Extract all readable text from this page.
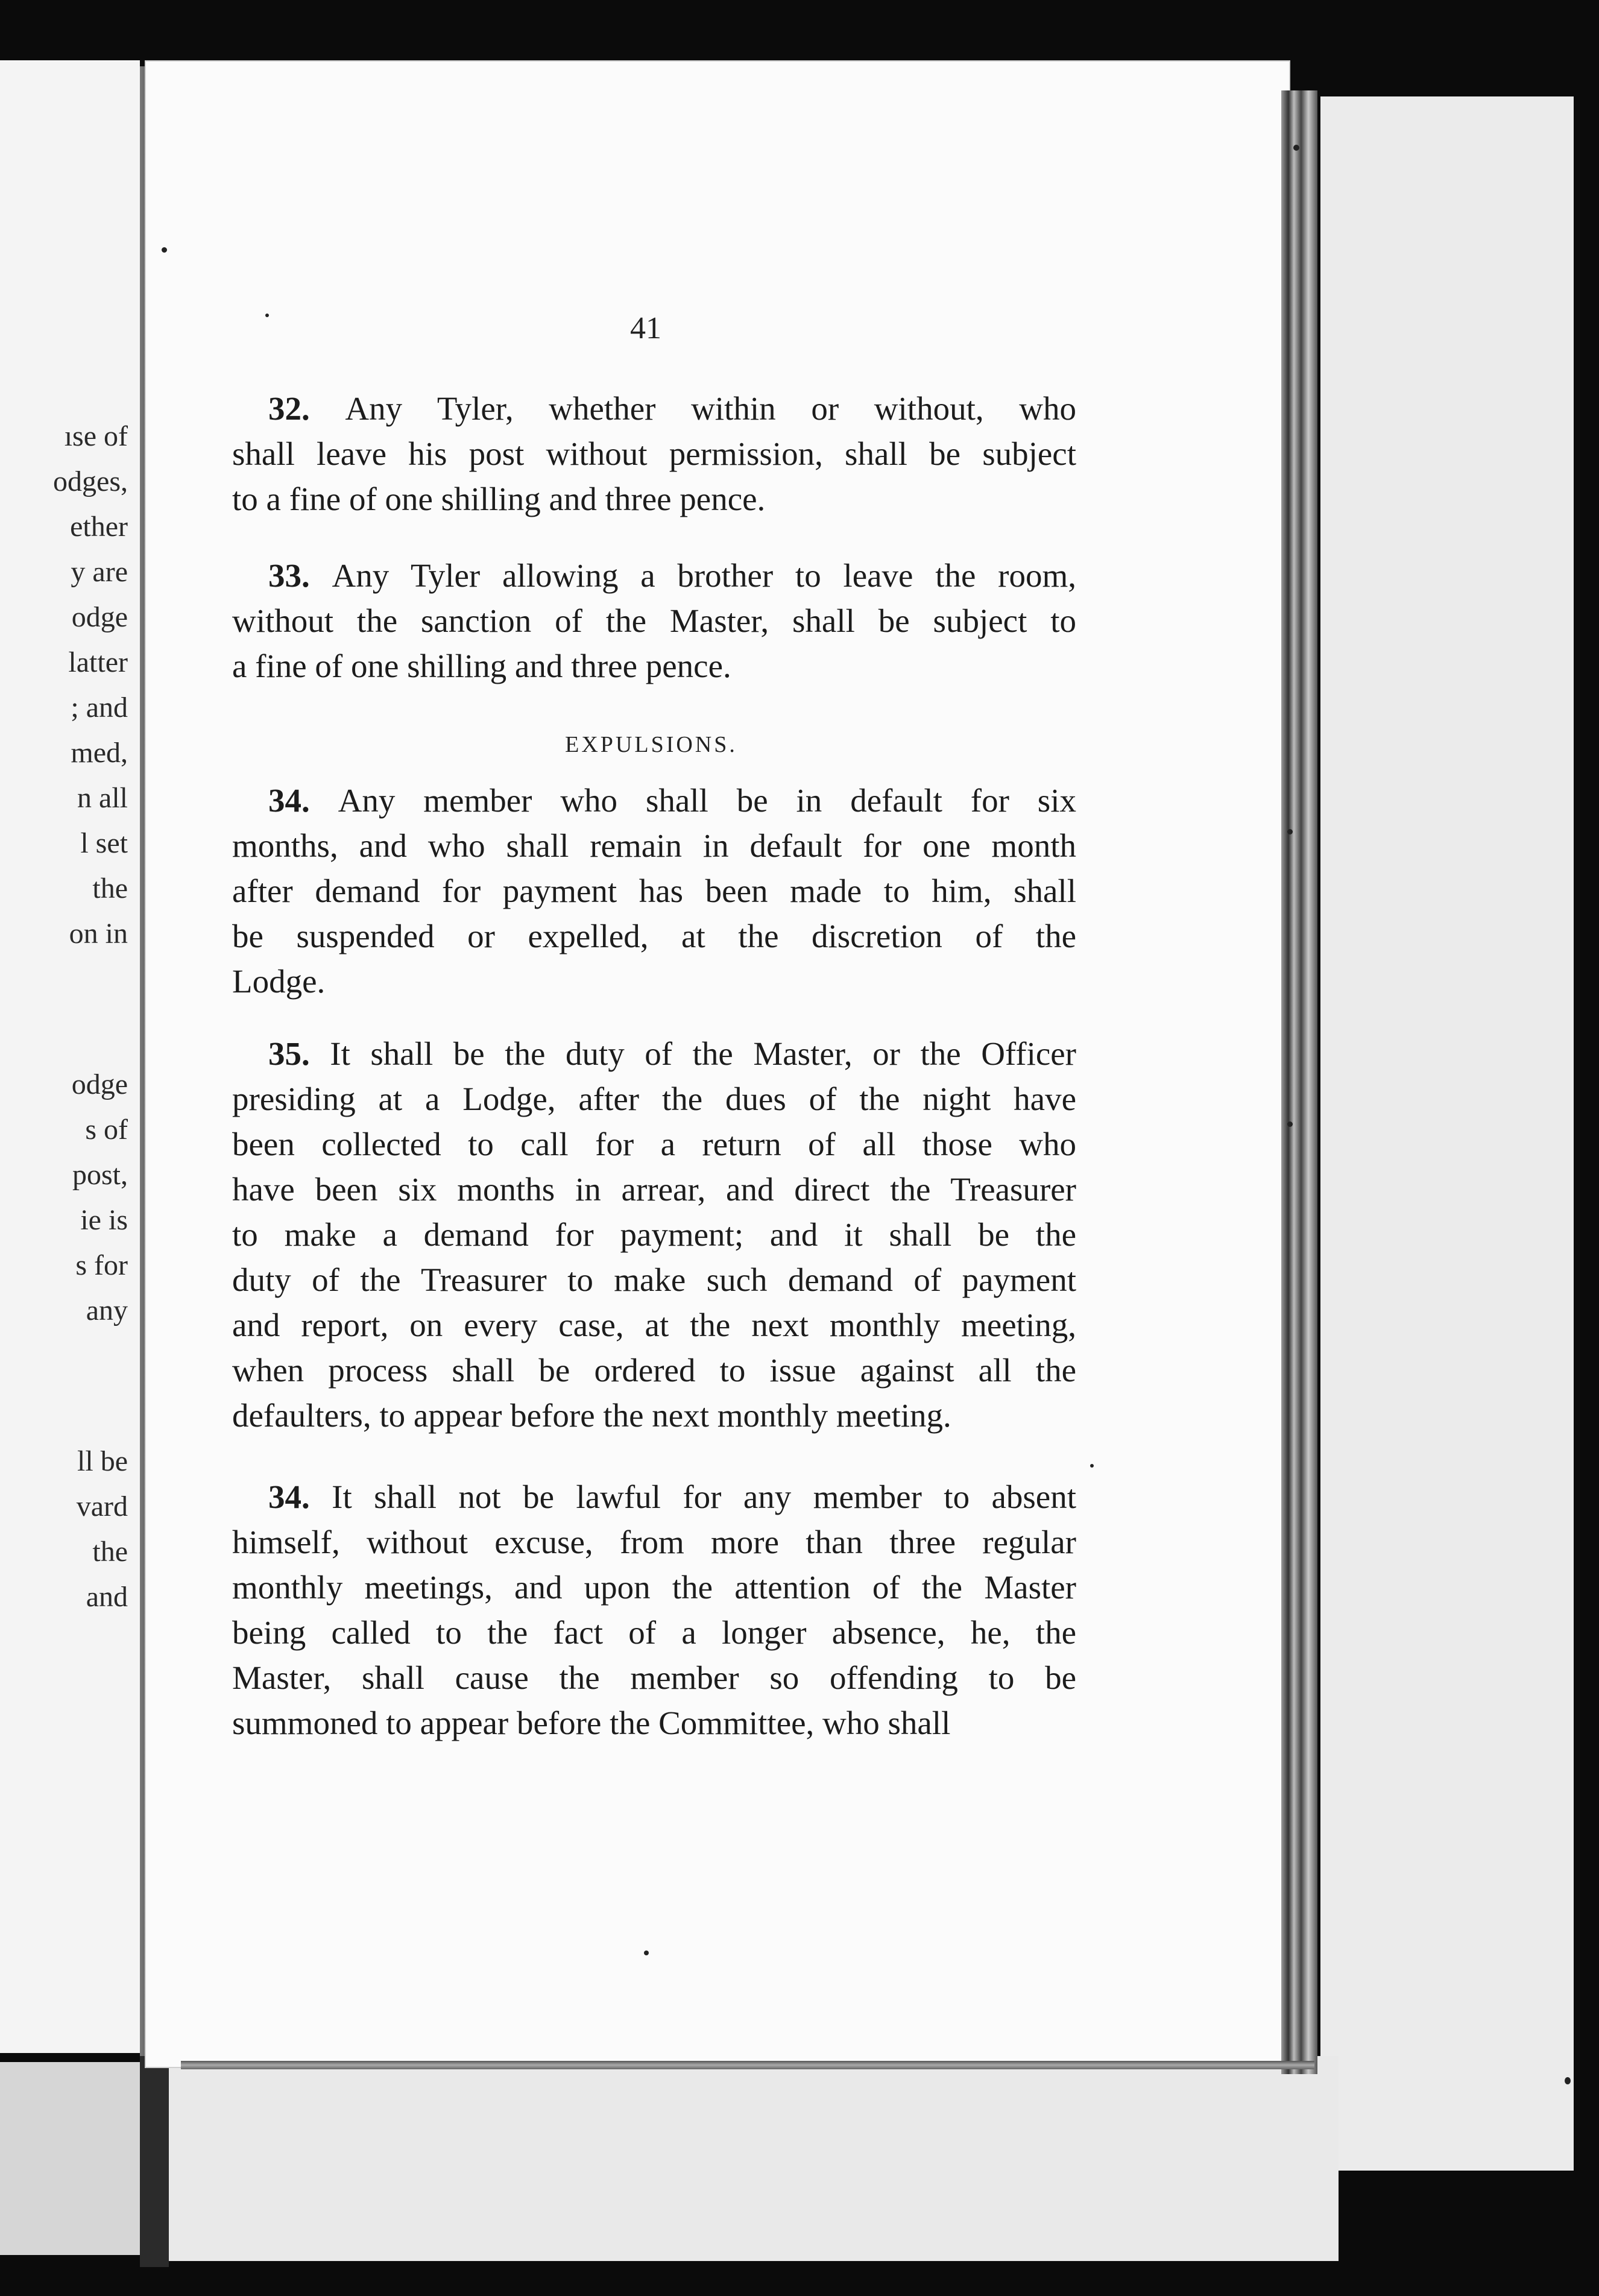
ıse of
odges,
ether
y are
odge
latter
; and
med,
n all
l set
the
on in
odge
s of
post,
ie is
s for
any
ll be
vard
the
and
41
EXPULSIONS.
32. Any Tyler, whether within or without, who
shall leave his post without permission, shall be subject
to a fine of one shilling and three pence.
33. Any Tyler allowing a brother to leave the room,
without the sanction of the Master, shall be subject to
a fine of one shilling and three pence.
34. Any member who shall be in default for six
months, and who shall remain in default for one month
after demand for payment has been made to him, shall
be suspended or expelled, at the discretion of the
Lodge.
35. It shall be the duty of the Master, or the Officer
presiding at a Lodge, after the dues of the night have
been collected to call for a return of all those who
have been six months in arrear, and direct the Treasurer
to make a demand for payment; and it shall be the
duty of the Treasurer to make such demand of payment
and report, on every case, at the next monthly meeting,
when process shall be ordered to issue against all the
defaulters, to appear before the next monthly meeting.
34. It shall not be lawful for any member to absent
himself, without excuse, from more than three regular
monthly meetings, and upon the attention of the Master
being called to the fact of a longer absence, he, the
Master, shall cause the member so offending to be
summoned to appear before the Committee, who shall
